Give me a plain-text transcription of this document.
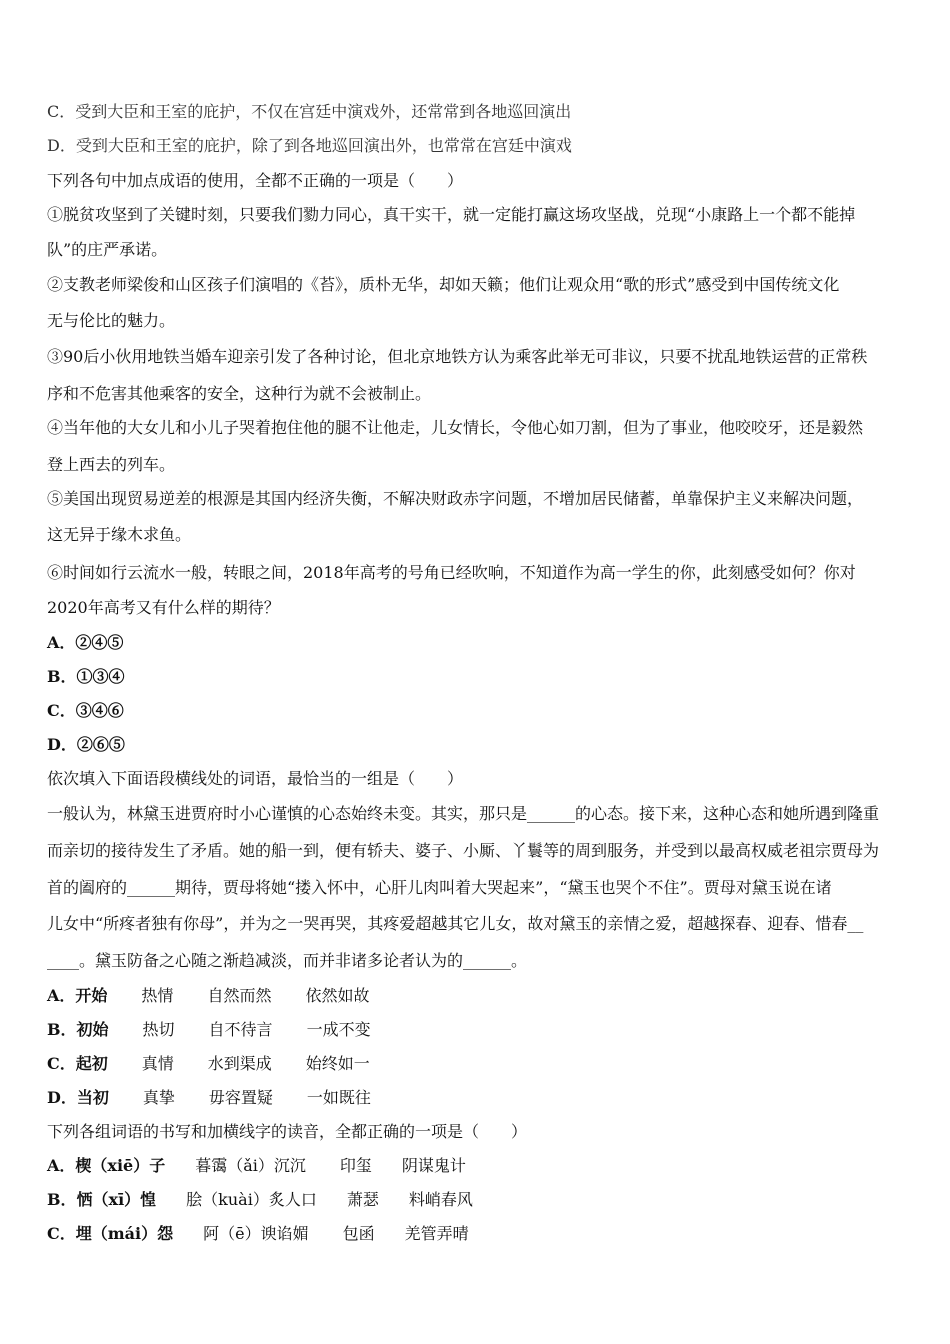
C．受到大臣和王室的庇护，不仅在宫廷中演戏外，还常常到各地巡回演出
D．受到大臣和王室的庇护，除了到各地巡回演出外，也常常在宫廷中演戏
下列各句中加点成语的使用，全都不正确的一项是（　　）
①脱贫攻坚到了关键时刻，只要我们勠力同心，真干实干，就一定能打赢这场攻坚战，兑现“小康路上一个都不能掉
队”的庄严承诺。
②支教老师梁俊和山区孩子们演唱的《苔》，质朴无华，却如天籁；他们让观众用“歌的形式”感受到中国传统文化
无与伦比的魅力。
③90后小伙用地铁当婚车迎亲引发了各种讨论，但北京地铁方认为乘客此举无可非议，只要不扰乱地铁运营的正常秩
序和不危害其他乘客的安全，这种行为就不会被制止。
④当年他的大女儿和小儿子哭着抱住他的腿不让他走，儿女情长，令他心如刀割，但为了事业，他咬咬牙，还是毅然
登上西去的列车。
⑤美国出现贸易逆差的根源是其国内经济失衡，不解决财政赤字问题，不增加居民储蓄，单靠保护主义来解决问题，
这无异于缘木求鱼。
⑥时间如行云流水一般，转眼之间，2018年高考的号角已经吹响，不知道作为高一学生的你，此刻感受如何？你对
2020年高考又有什么样的期待？
A．②④⑤
B．①③④
C．③④⑥
D．②⑥⑤
依次填入下面语段横线处的词语，最恰当的一组是（　　）
一般认为，林黛玉进贾府时小心谨慎的心态始终未变。其实，那只是______的心态。接下来，这种心态和她所遇到隆重
而亲切的接待发生了矛盾。她的船一到，便有轿夫、婆子、小厮、丫鬟等的周到服务，并受到以最高权威老祖宗贾母为
首的阖府的______期待，贾母将她“搂入怀中，心肝儿肉叫着大哭起来”，“黛玉也哭个不住”。贾母对黛玉说在诸
儿女中“所疼者独有你母”，并为之一哭再哭，其疼爱超越其它儿女，故对黛玉的亲情之爱，超越探春、迎春、惜春__
____。黛玉防备之心随之渐趋减淡，而并非诸多论者认为的______。
A．开始 热情 自然而然 依然如故
B．初始 热切 自不待言 一成不变
C．起初 真情 水到渠成 始终如一
D．当初 真挚 毋容置疑 一如既往
下列各组词语的书写和加横线字的读音，全都正确的一项是（　　）
A．楔（xiē）子 暮霭（ǎi）沉沉 印玺 阴谋鬼计
B．恓（xī）惶 脍（kuài）炙人口 萧瑟 料峭春风
C．埋（mái）怨 阿（ē）谀谄媚 包函 羌管弄晴
